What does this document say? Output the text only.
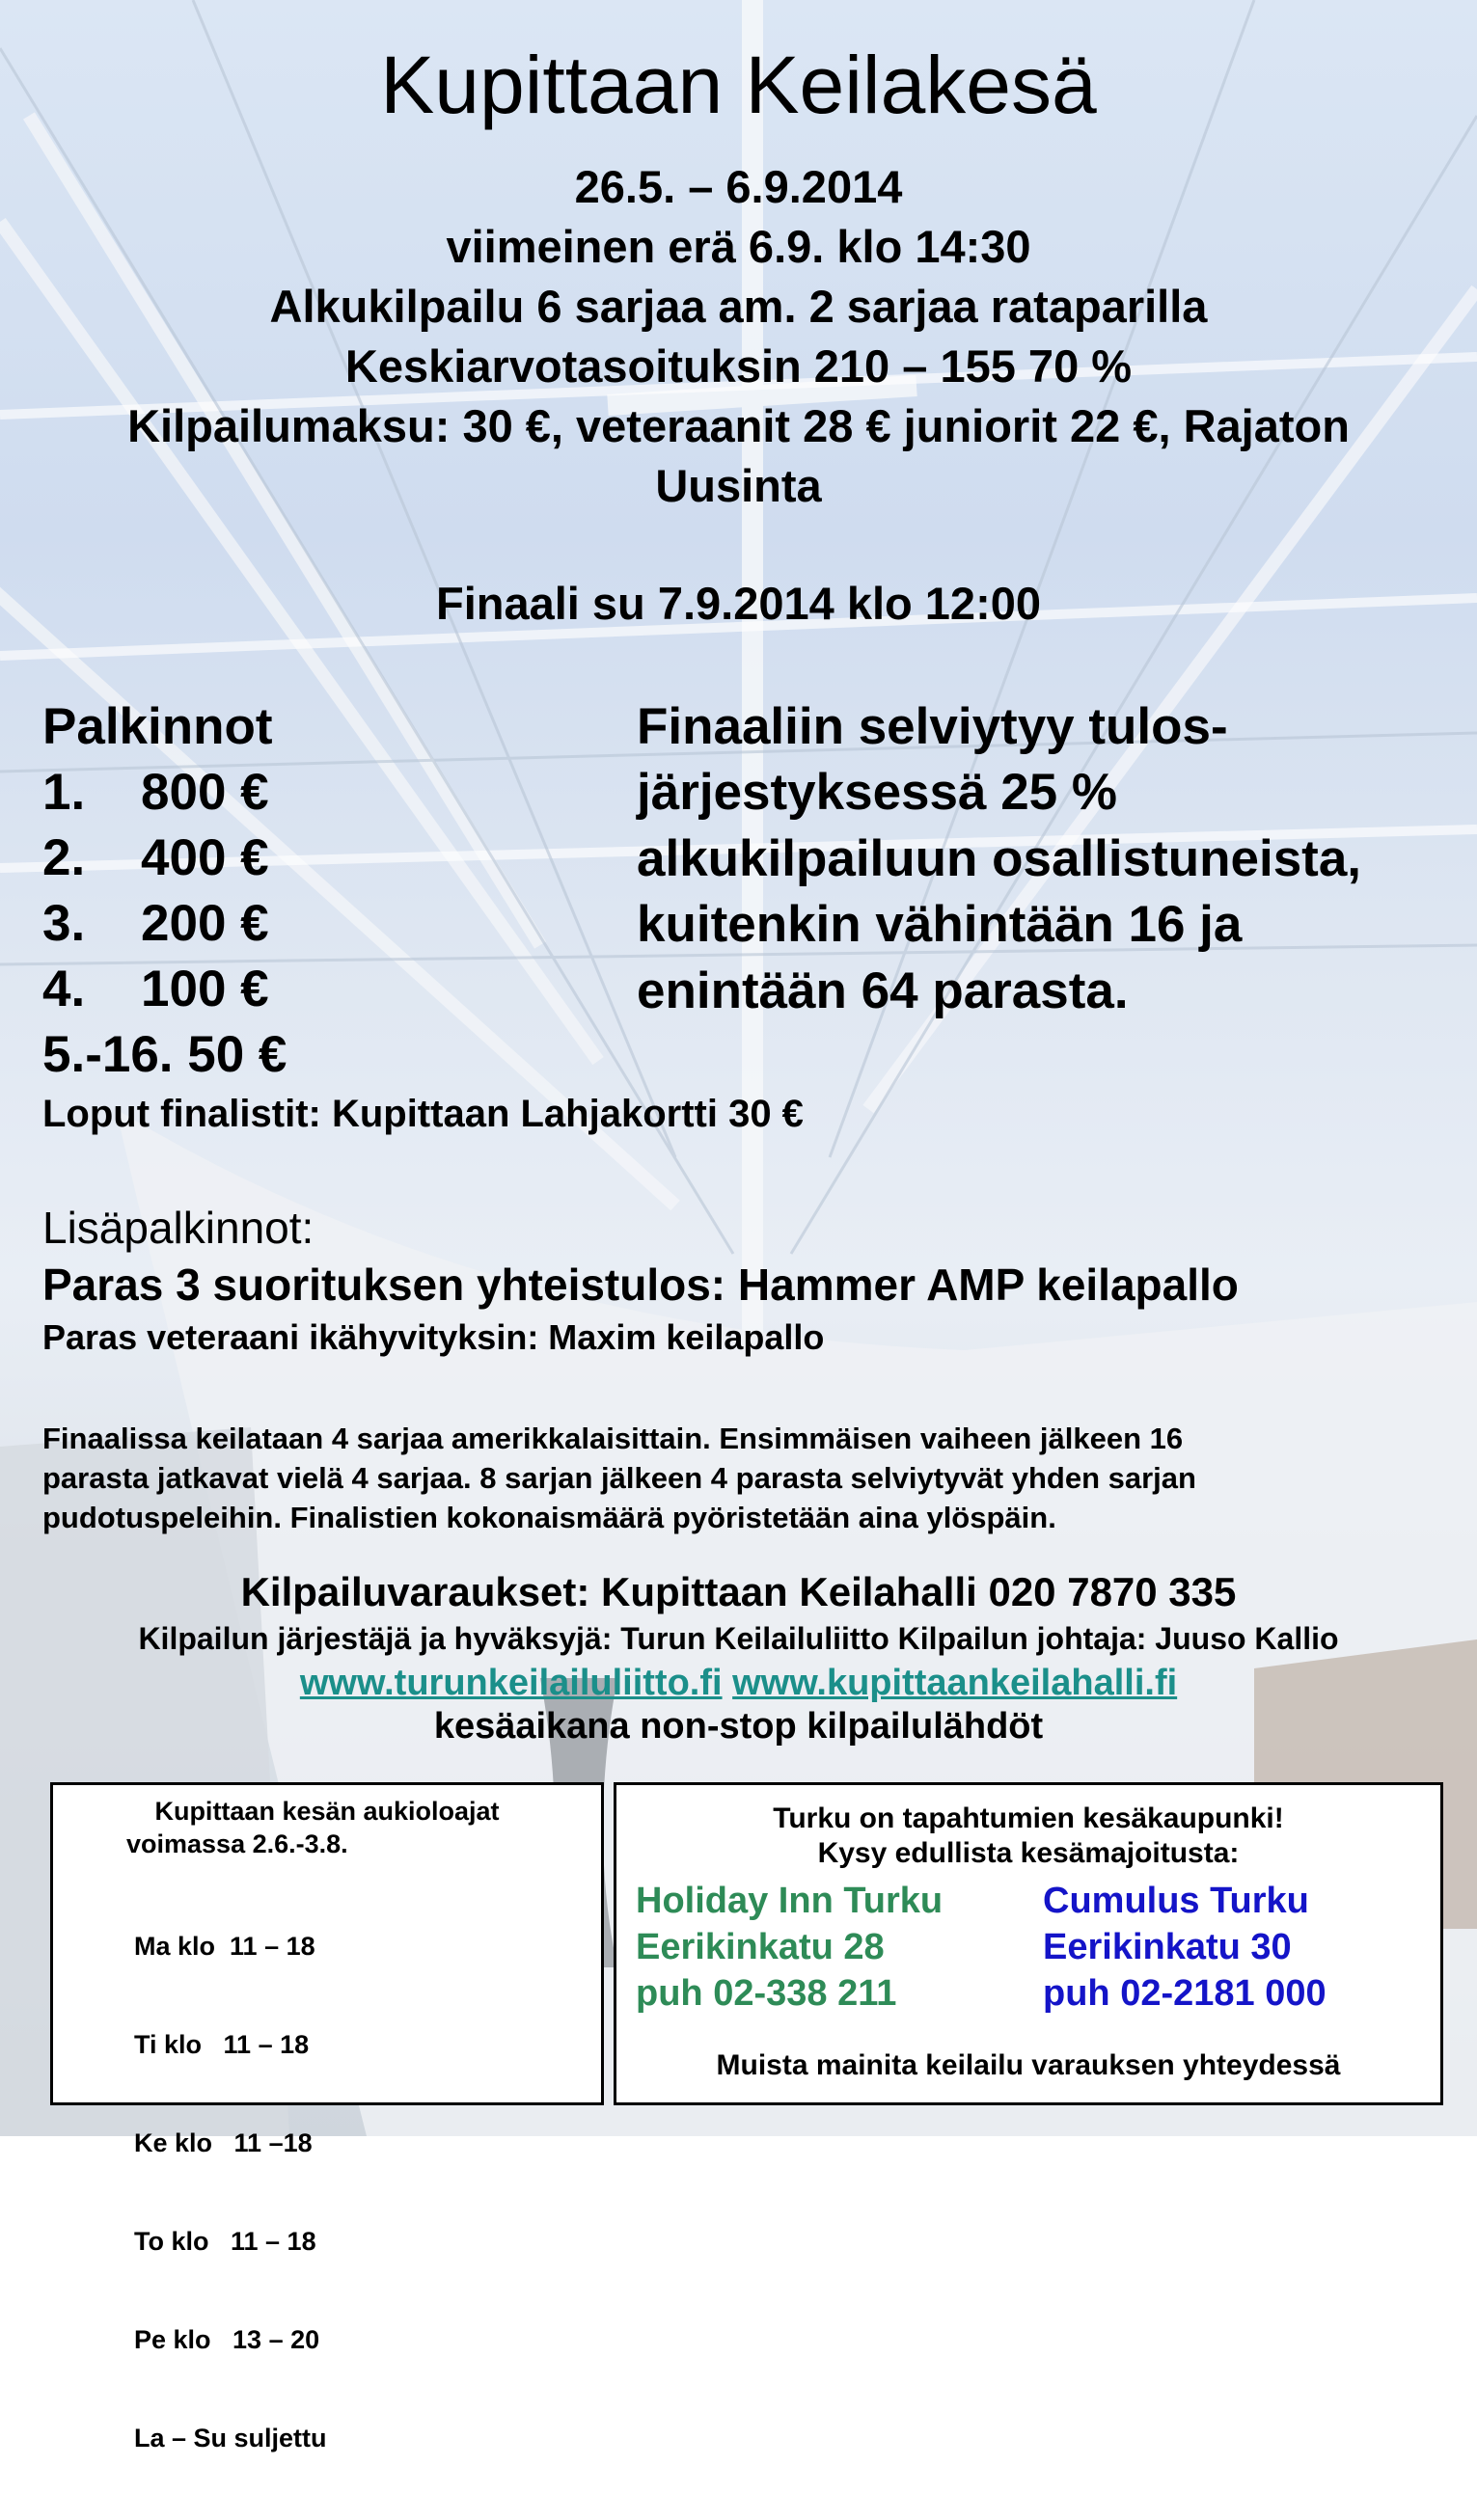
Kupittaan Keilakesä
26.5. – 6.9.2014
viimeinen erä 6.9. klo 14:30
Alkukilpailu 6 sarjaa am. 2 sarjaa rataparilla
Keskiarvotasoituksin 210 – 155 70 %
Kilpailumaksu: 30 €, veteraanit 28 € juniorit 22 €, Rajaton
Uusinta
Finaali su 7.9.2014 klo 12:00
Palkinnot
1. 800 €
2. 400 €
3. 200 €
4. 100 €
5.-16. 50 €
Loput finalistit: Kupittaan Lahjakortti 30 €
Finaaliin selviytyy tulos-
järjestyksessä 25 %
alkukilpailuun osallistuneista,
kuitenkin vähintään 16 ja
enintään 64 parasta.
Lisäpalkinnot:
Paras 3 suorituksen yhteistulos: Hammer AMP keilapallo
Paras veteraani ikähyvityksin: Maxim keilapallo
Finaalissa keilataan 4 sarjaa amerikkalaisittain. Ensimmäisen vaiheen jälkeen 16
parasta jatkavat vielä 4 sarjaa. 8 sarjan jälkeen 4 parasta selviytyvät yhden sarjan
pudotuspeleihin. Finalistien kokonaismäärä pyöristetään aina ylöspäin.
Kilpailuvaraukset: Kupittaan Keilahalli 020 7870 335
Kilpailun järjestäjä ja hyväksyjä: Turun Keilailuliitto Kilpailun johtaja: Juuso Kallio
www.turunkeilailuliitto.fi www.kupittaankeilahalli.fi
kesäaikana non-stop kilpailulähdöt
Kupittaan kesän aukioloajat
voimassa 2.6.-3.8.

Ma klo  11 – 18

Ti klo   11 – 18

Ke klo   11 –18

To klo   11 – 18

Pe klo   13 – 20

La – Su suljettu

Turku on tapahtumien kesäkaupunki!
Kysy edullista kesämajoitusta:
Holiday Inn Turku
Eerikinkatu 28
puh 02-338 211
Cumulus Turku
Eerikinkatu 30
puh 02-2181 000
Muista mainita keilailu varauksen yhteydessä
